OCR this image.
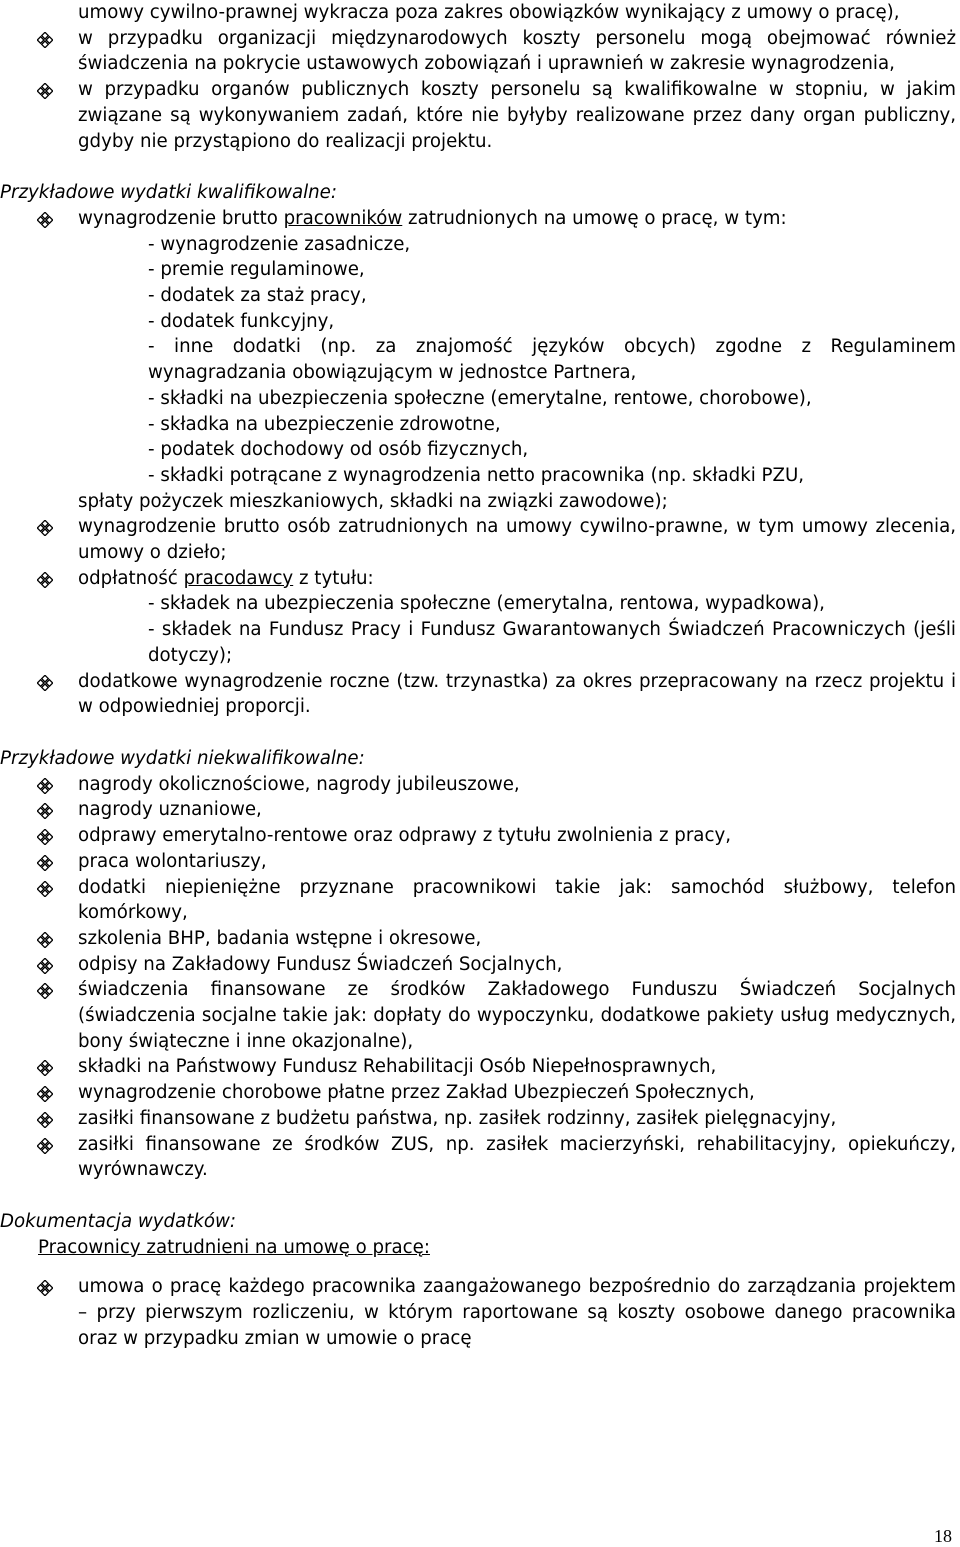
umowy cywilno-prawnej wykracza poza zakres obowiązków wynikający z umowy o pracę),
w przypadku organizacji międzynarodowych koszty personelu mogą obejmować również świadczenia na pokrycie ustawowych zobowiązań i uprawnień w zakresie wynagrodzenia,
w przypadku organów publicznych koszty personelu są kwalifikowalne w stopniu, w jakim związane są wykonywaniem zadań, które nie byłyby realizowane przez dany organ publiczny, gdyby nie przystąpiono do realizacji projektu.
Przykładowe wydatki kwalifikowalne:
wynagrodzenie brutto pracowników zatrudnionych na umowę o pracę, w tym:
- wynagrodzenie zasadnicze,
- premie regulaminowe,
- dodatek za staż pracy,
- dodatek funkcyjny,
- inne dodatki (np. za znajomość języków obcych) zgodne z Regulaminem wynagradzania obowiązującym w jednostce Partnera,
- składki na ubezpieczenia społeczne (emerytalne, rentowe, chorobowe),
- składka na ubezpieczenie zdrowotne,
- podatek dochodowy od osób fizycznych,
- składki potrącane z wynagrodzenia netto pracownika (np. składki PZU,
spłaty pożyczek mieszkaniowych, składki na związki zawodowe);
wynagrodzenie brutto osób zatrudnionych na umowy cywilno-prawne, w tym umowy zlecenia, umowy o dzieło;
odpłatność pracodawcy z tytułu:
- składek na ubezpieczenia społeczne (emerytalna, rentowa, wypadkowa),
- składek na Fundusz Pracy i Fundusz Gwarantowanych Świadczeń Pracowniczych (jeśli dotyczy);
dodatkowe wynagrodzenie roczne (tzw. trzynastka) za okres przepracowany na rzecz projektu i w odpowiedniej proporcji.
Przykładowe wydatki niekwalifikowalne:
nagrody okolicznościowe, nagrody jubileuszowe,
nagrody uznaniowe,
odprawy emerytalno-rentowe oraz odprawy z tytułu zwolnienia z pracy,
praca wolontariuszy,
dodatki niepieniężne przyznane pracownikowi takie jak: samochód służbowy, telefon komórkowy,
szkolenia BHP, badania wstępne i okresowe,
odpisy na Zakładowy Fundusz Świadczeń Socjalnych,
świadczenia finansowane ze środków Zakładowego Funduszu Świadczeń Socjalnych (świadczenia socjalne takie jak: dopłaty do wypoczynku, dodatkowe pakiety usług medycznych, bony świąteczne i inne okazjonalne),
składki na Państwowy Fundusz Rehabilitacji Osób Niepełnosprawnych,
wynagrodzenie chorobowe płatne przez Zakład Ubezpieczeń Społecznych,
zasiłki finansowane z budżetu państwa, np. zasiłek rodzinny, zasiłek pielęgnacyjny,
zasiłki finansowane ze środków ZUS, np. zasiłek macierzyński, rehabilitacyjny, opiekuńczy, wyrównawczy.
Dokumentacja wydatków:
Pracownicy zatrudnieni na umowę o pracę:
umowa o pracę każdego pracownika zaangażowanego bezpośrednio do zarządzania projektem – przy pierwszym rozliczeniu, w którym raportowane są koszty osobowe danego pracownika oraz w przypadku zmian w umowie o pracę
18
